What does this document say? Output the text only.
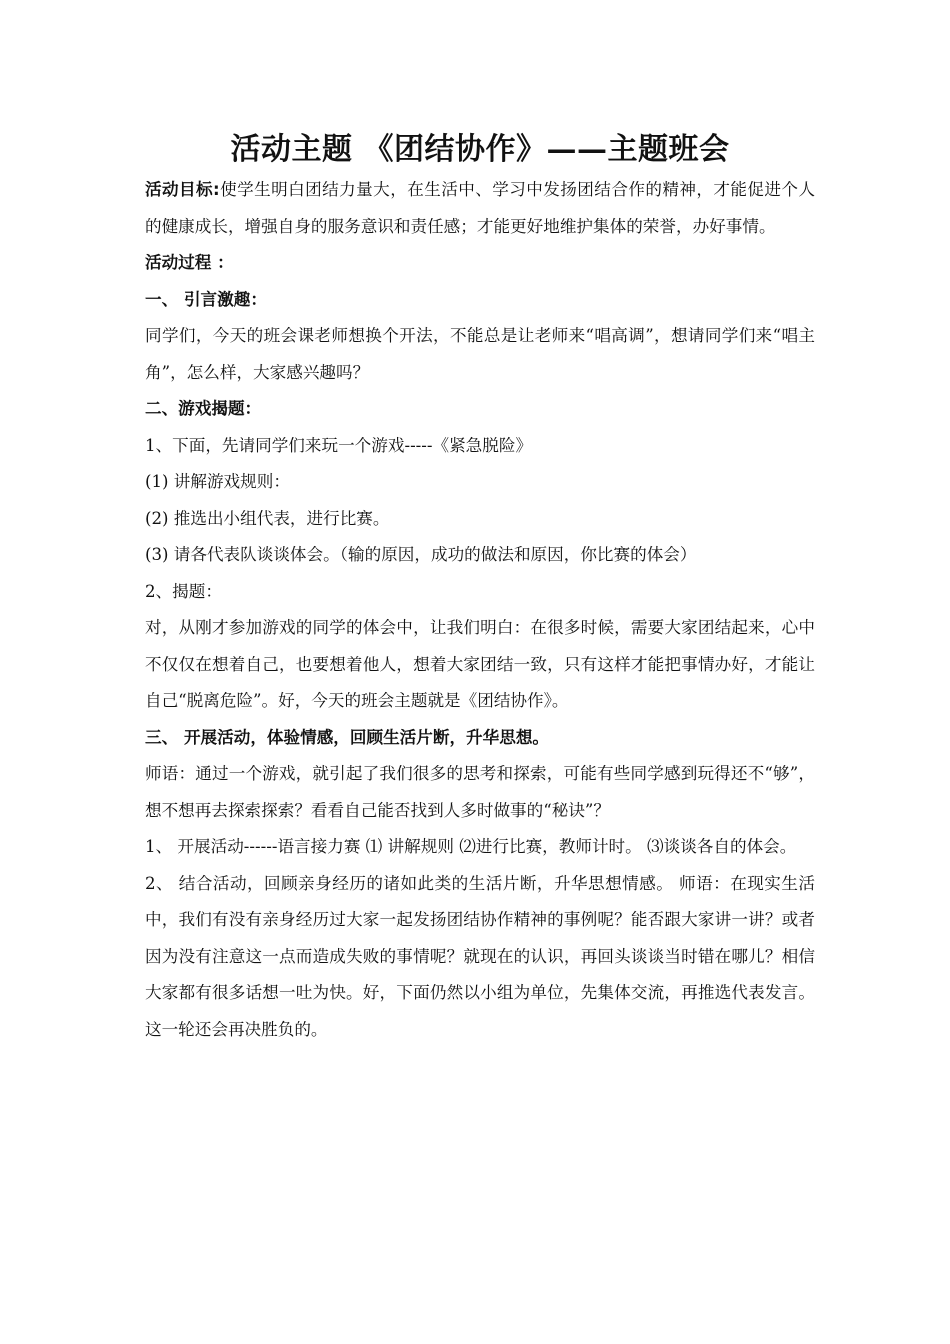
活动主题 《团结协作》——主题班会

活动目标:使学生明白团结力量大，在生活中、学习中发扬团结合作的精神，才能促进个人的健康成长，增强自身的服务意识和责任感；才能更好地维护集体的荣誉，办好事情。

活动过程 ：

一、 引言激趣：

同学们，今天的班会课老师想换个开法，不能总是让老师来“唱高调”，想请同学们来“唱主角”，怎么样，大家感兴趣吗？

二、游戏揭题：

1、下面，先请同学们来玩一个游戏-----《紧急脱险》

(1) 讲解游戏规则：

(2) 推选出小组代表，进行比赛。

(3) 请各代表队谈谈体会。（输的原因，成功的做法和原因，你比赛的体会）

2、揭题：

对，从刚才参加游戏的同学的体会中，让我们明白：在很多时候，需要大家团结起来，心中不仅仅在想着自己，也要想着他人，想着大家团结一致，只有这样才能把事情办好，才能让自己“脱离危险”。好，今天的班会主题就是《团结协作》。

三、 开展活动，体验情感，回顾生活片断，升华思想。

师语：通过一个游戏，就引起了我们很多的思考和探索，可能有些同学感到玩得还不“够”，想不想再去探索探索？看看自己能否找到人多时做事的“秘诀”？

1、 开展活动------语言接力赛 ⑴ 讲解规则 ⑵进行比赛，教师计时。 ⑶谈谈各自的体会。

2、 结合活动，回顾亲身经历的诸如此类的生活片断，升华思想情感。 师语：在现实生活中，我们有没有亲身经历过大家一起发扬团结协作精神的事例呢？能否跟大家讲一讲？或者因为没有注意这一点而造成失败的事情呢？就现在的认识，再回头谈谈当时错在哪儿？相信大家都有很多话想一吐为快。好，下面仍然以小组为单位，先集体交流，再推选代表发言。这一轮还会再决胜负的。
